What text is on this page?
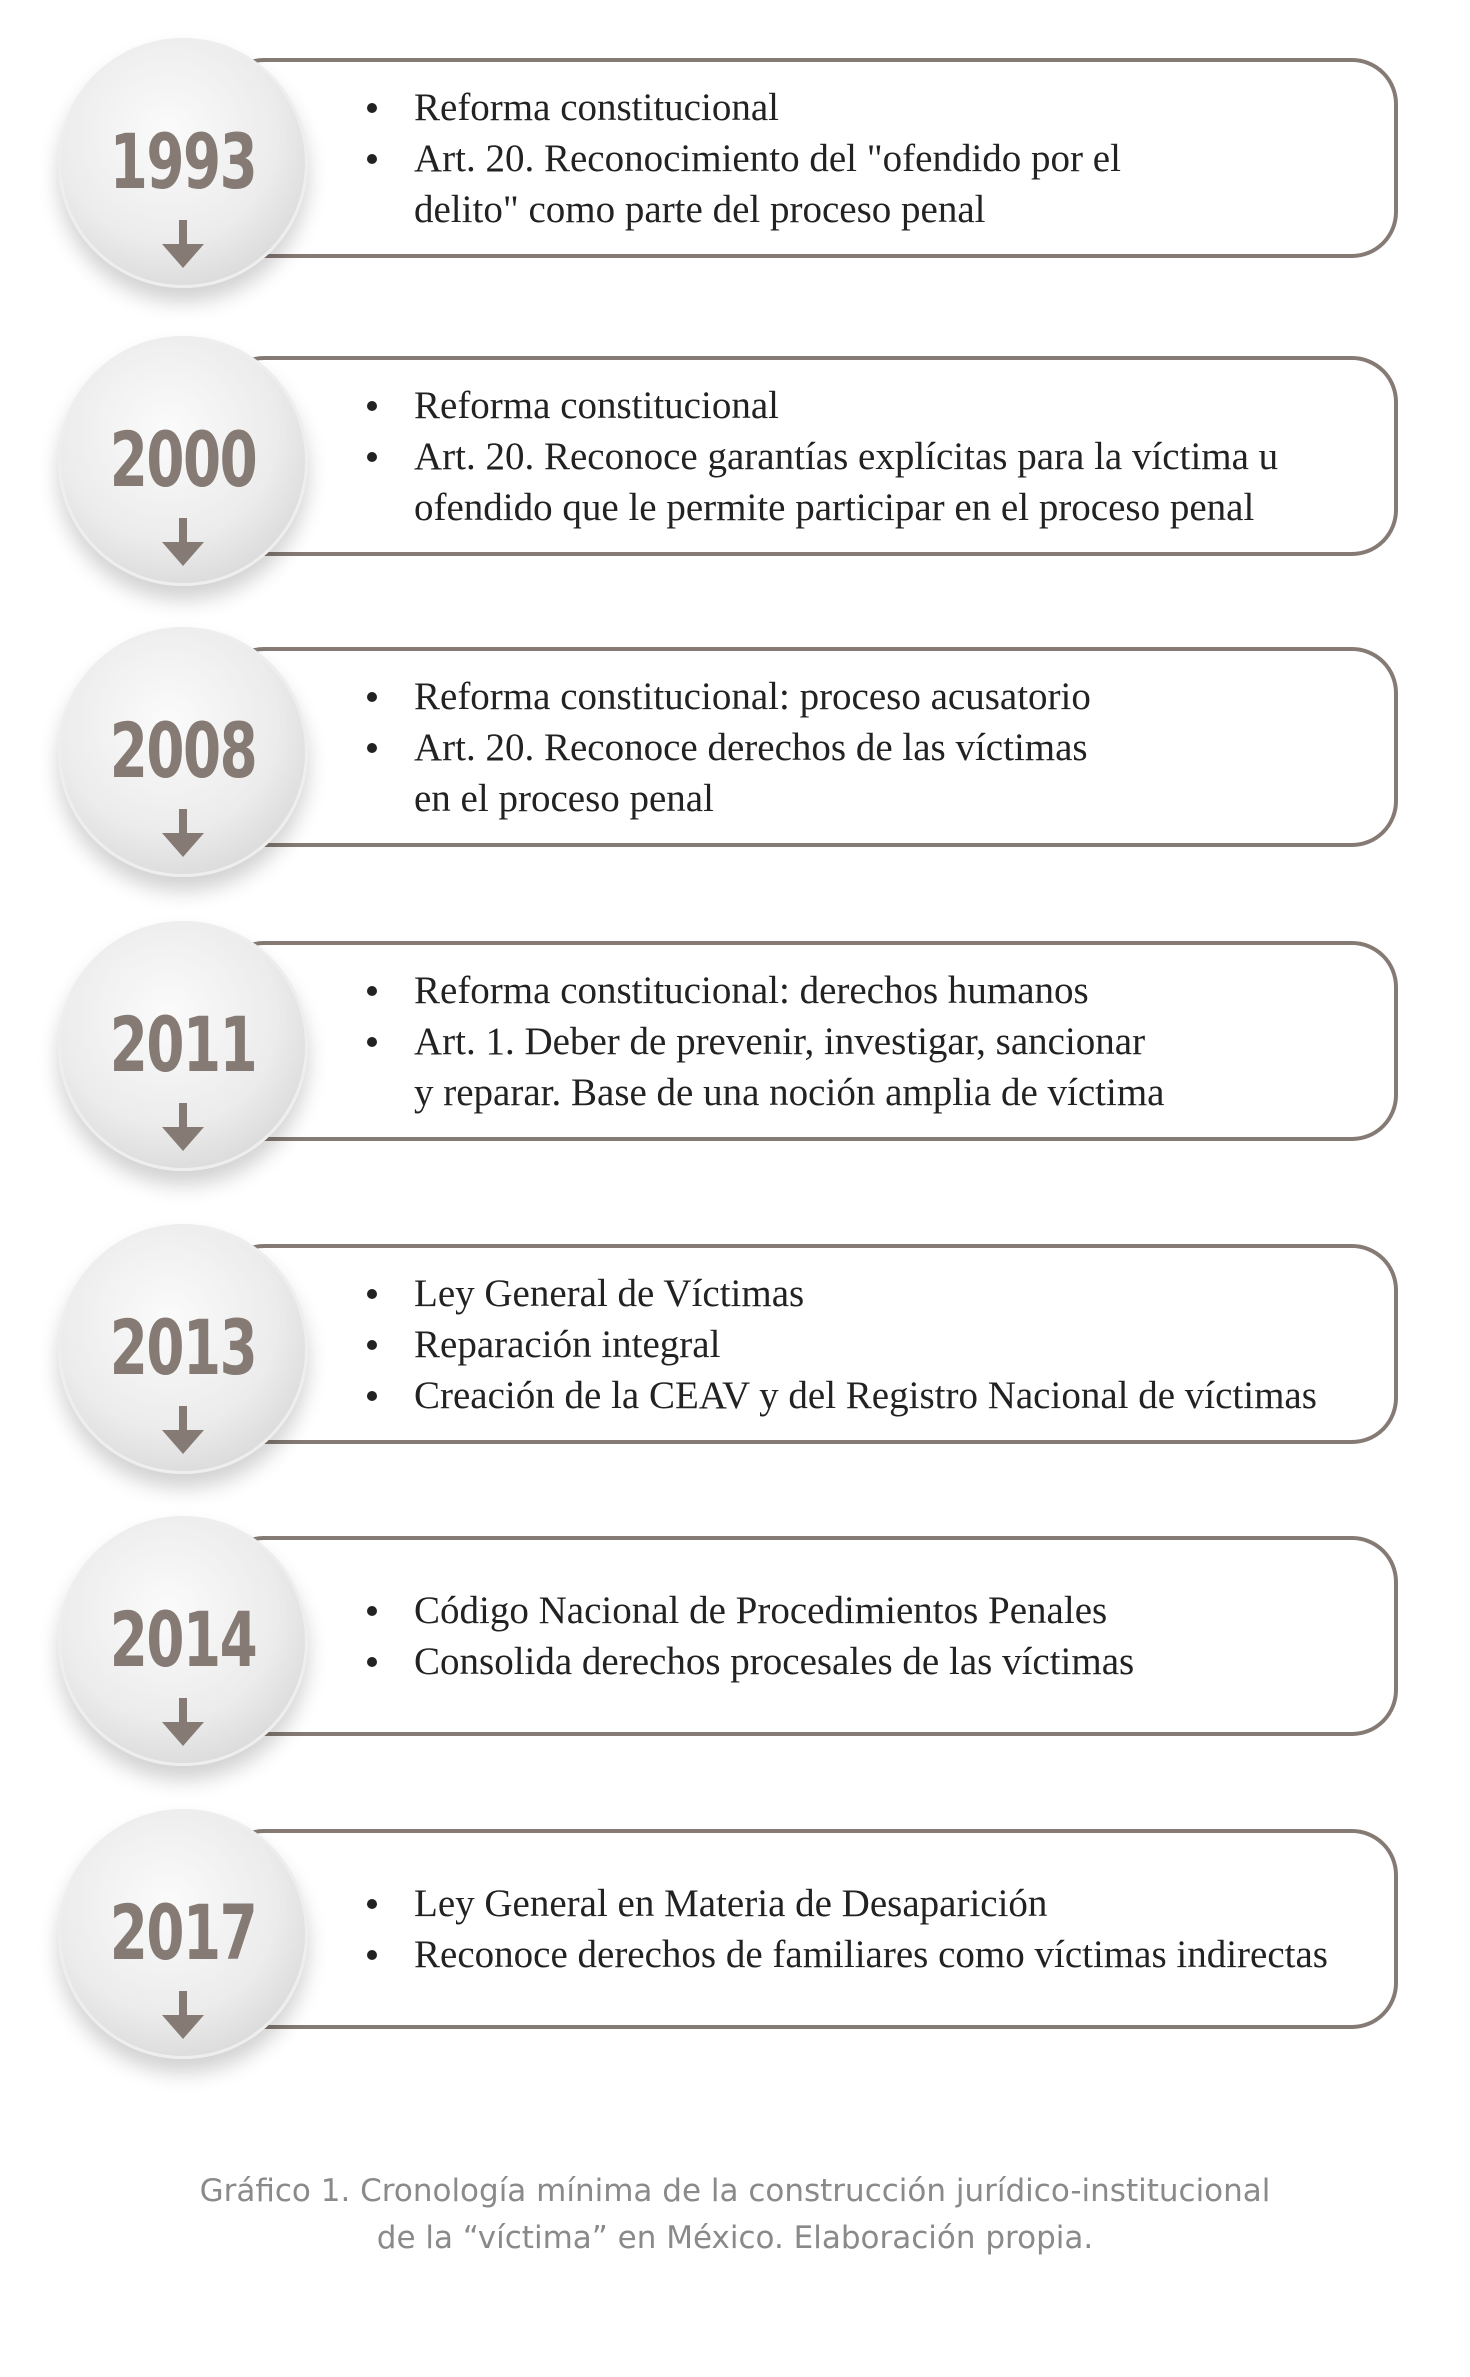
Reforma constitucional
Art. 20. Reconocimiento del "ofendido por el
delito" como parte del proceso penal
1993
Reforma constitucional
Art. 20. Reconoce garantías explícitas para la víctima u
ofendido que le permite participar en el proceso penal
2000
Reforma constitucional: proceso acusatorio
Art. 20. Reconoce derechos de las víctimas
en el proceso penal
2008
Reforma constitucional: derechos humanos
Art. 1. Deber de prevenir, investigar, sancionar
y reparar. Base de una noción amplia de víctima
2011
Ley General de Víctimas
Reparación integral
Creación de la CEAV y del Registro Nacional de víctimas
2013
Código Nacional de Procedimientos Penales
Consolida derechos procesales de las víctimas
2014
Ley General en Materia de Desaparición
Reconoce derechos de familiares como víctimas indirectas
2017
Gráfico 1. Cronología mínima de la construcción jurídico-institucional
de la “víctima” en México. Elaboración propia.
